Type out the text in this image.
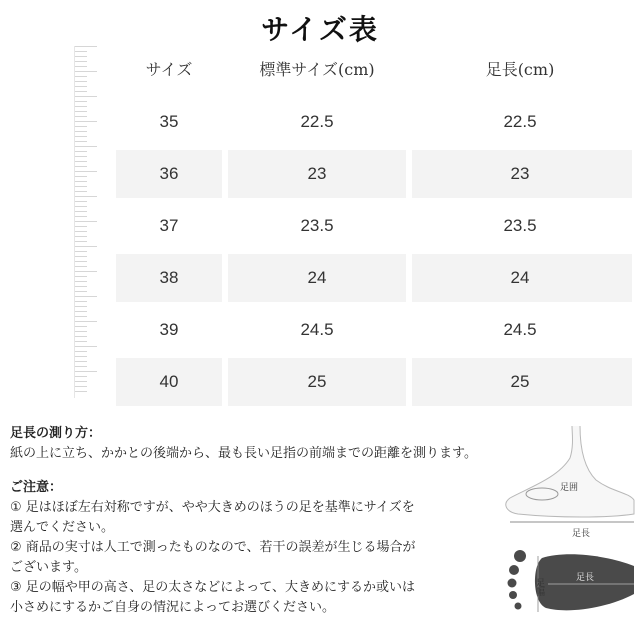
サイズ表
サイズ	標準サイズ(cm)	足長(cm)
35	22.5	22.5
36	23	23
37	23.5	23.5
38	24	24
39	24.5	24.5
40	25	25
足長の測り方：
紙の上に立ち、かかとの後端から、最も長い足指の前端までの距離を測ります。
ご注意：
① 足はほぼ左右対称ですが、やや大きめのほうの足を基準にサイズを
選んでください。
② 商品の実寸は人工で測ったものなので、若干の誤差が生じる場合が
ございます。
③ 足の幅や甲の高さ、足の太さなどによって、大きめにするか或いは
小さめにするかご自身の情況によってお選びください。
足囲
足長
足幅	足長
